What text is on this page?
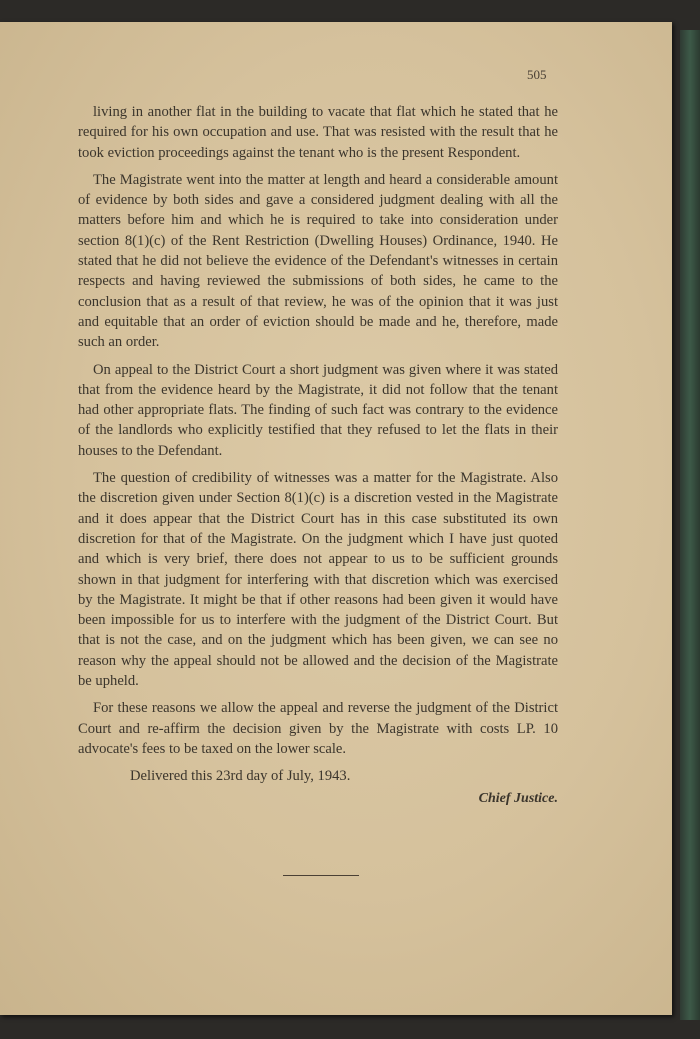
505

living in another flat in the building to vacate that flat which he stated that he required for his own occupation and use. That was resisted with the result that he took eviction proceedings against the tenant who is the present Respondent.

The Magistrate went into the matter at length and heard a considerable amount of evidence by both sides and gave a considered judgment dealing with all the matters before him and which he is required to take into consideration under section 8(1)(c) of the Rent Restriction (Dwelling Houses) Ordinance, 1940. He stated that he did not believe the evidence of the Defendant's witnesses in certain respects and having reviewed the submissions of both sides, he came to the conclusion that as a result of that review, he was of the opinion that it was just and equitable that an order of eviction should be made and he, therefore, made such an order.

On appeal to the District Court a short judgment was given where it was stated that from the evidence heard by the Magistrate, it did not follow that the tenant had other appropriate flats. The finding of such fact was contrary to the evidence of the landlords who explicitly testified that they refused to let the flats in their houses to the Defendant.

The question of credibility of witnesses was a matter for the Magistrate. Also the discretion given under Section 8(1)(c) is a discretion vested in the Magistrate and it does appear that the District Court has in this case substituted its own discretion for that of the Magistrate. On the judgment which I have just quoted and which is very brief, there does not appear to us to be sufficient grounds shown in that judgment for interfering with that discretion which was exercised by the Magistrate. It might be that if other reasons had been given it would have been impossible for us to interfere with the judgment of the District Court. But that is not the case, and on the judgment which has been given, we can see no reason why the appeal should not be allowed and the decision of the Magistrate be upheld.

For these reasons we allow the appeal and reverse the judgment of the District Court and re-affirm the decision given by the Magistrate with costs LP. 10 advocate's fees to be taxed on the lower scale.

Delivered this 23rd day of July, 1943.

Chief Justice.
